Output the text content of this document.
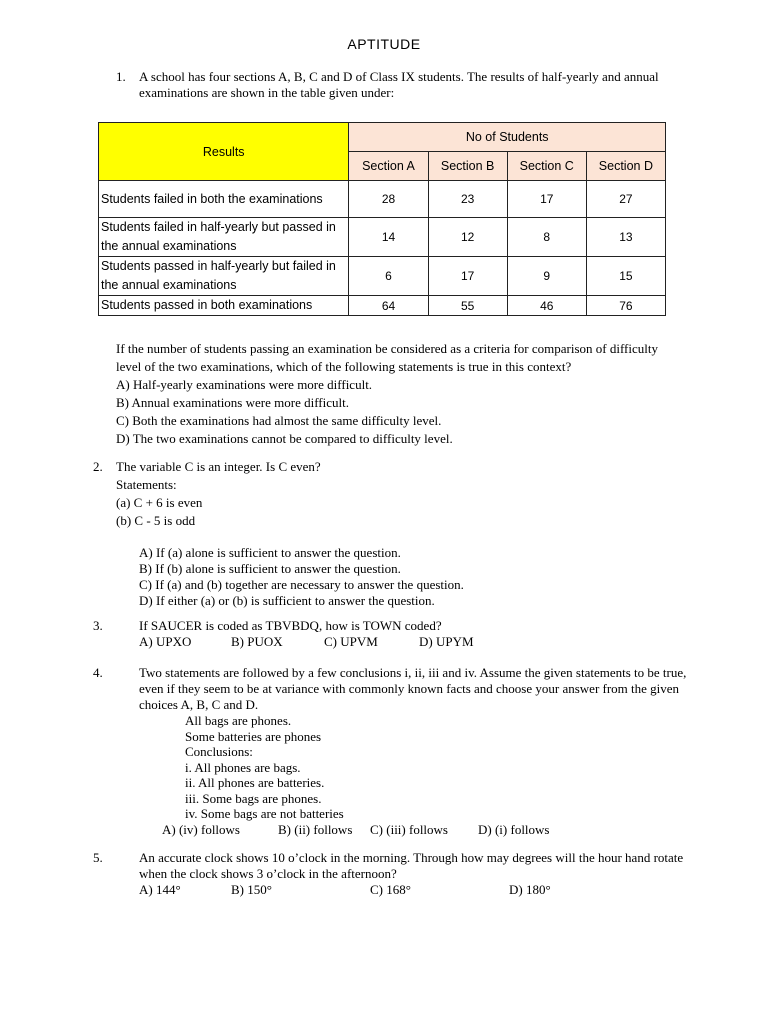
APTITUDE
1. A school has four sections A, B, C and D of Class IX students. The results of half-yearly and annual examinations are shown in the table given under:
Results	No of Students			
	Section A	Section B	Section C	Section D
Students failed in both the examinations	28	23	17	27
Students failed in half-yearly but passed in the annual examinations	14	12	8	13
Students passed in half-yearly but failed in the annual examinations	6	17	9	15
Students passed in both examinations	64	55	46	76

If the number of students passing an examination be considered as a criteria for comparison of difficulty level of the two examinations, which of the following statements is true in this context?

A) Half-yearly examinations were more difficult.

B) Annual examinations were more difficult.

C) Both the examinations had almost the same difficulty level.

D) The two examinations cannot be compared to difficulty level.

2. The variable C is an integer. Is C even?

Statements:

(a) C + 6 is even

(b) C - 5 is odd

A) If (a) alone is sufficient to answer the question.

B) If (b) alone is sufficient to answer the question.

C) If (a) and (b) together are necessary to answer the question.

D) If either (a) or (b) is sufficient to answer the question.

3.	If SAUCER is coded as TBVBDQ, how is TOWN coded?

A) UPXO	B) PUOX	C) UPVM	D) UPYM
4.	Two statements are followed by a few conclusions i, ii, iii and iv. Assume the given statements to be true, even if they seem to be at variance with commonly known facts and choose your answer from the given choices A, B, C and D.

All bags are phones.

Some batteries are phones

Conclusions:

i. All phones are bags.

ii. All phones are batteries.

iii. Some bags are phones.

iv. Some bags are not batteries

A) (iv) follows	B) (ii) follows	C) (iii) follows	D) (i) follows
5.	An accurate clock shows 10 o’clock in the morning. Through how may degrees will the hour hand rotate when the clock shows 3 o’clock in the afternoon?

A) 144°	B) 150°	C) 168°	D) 180°
